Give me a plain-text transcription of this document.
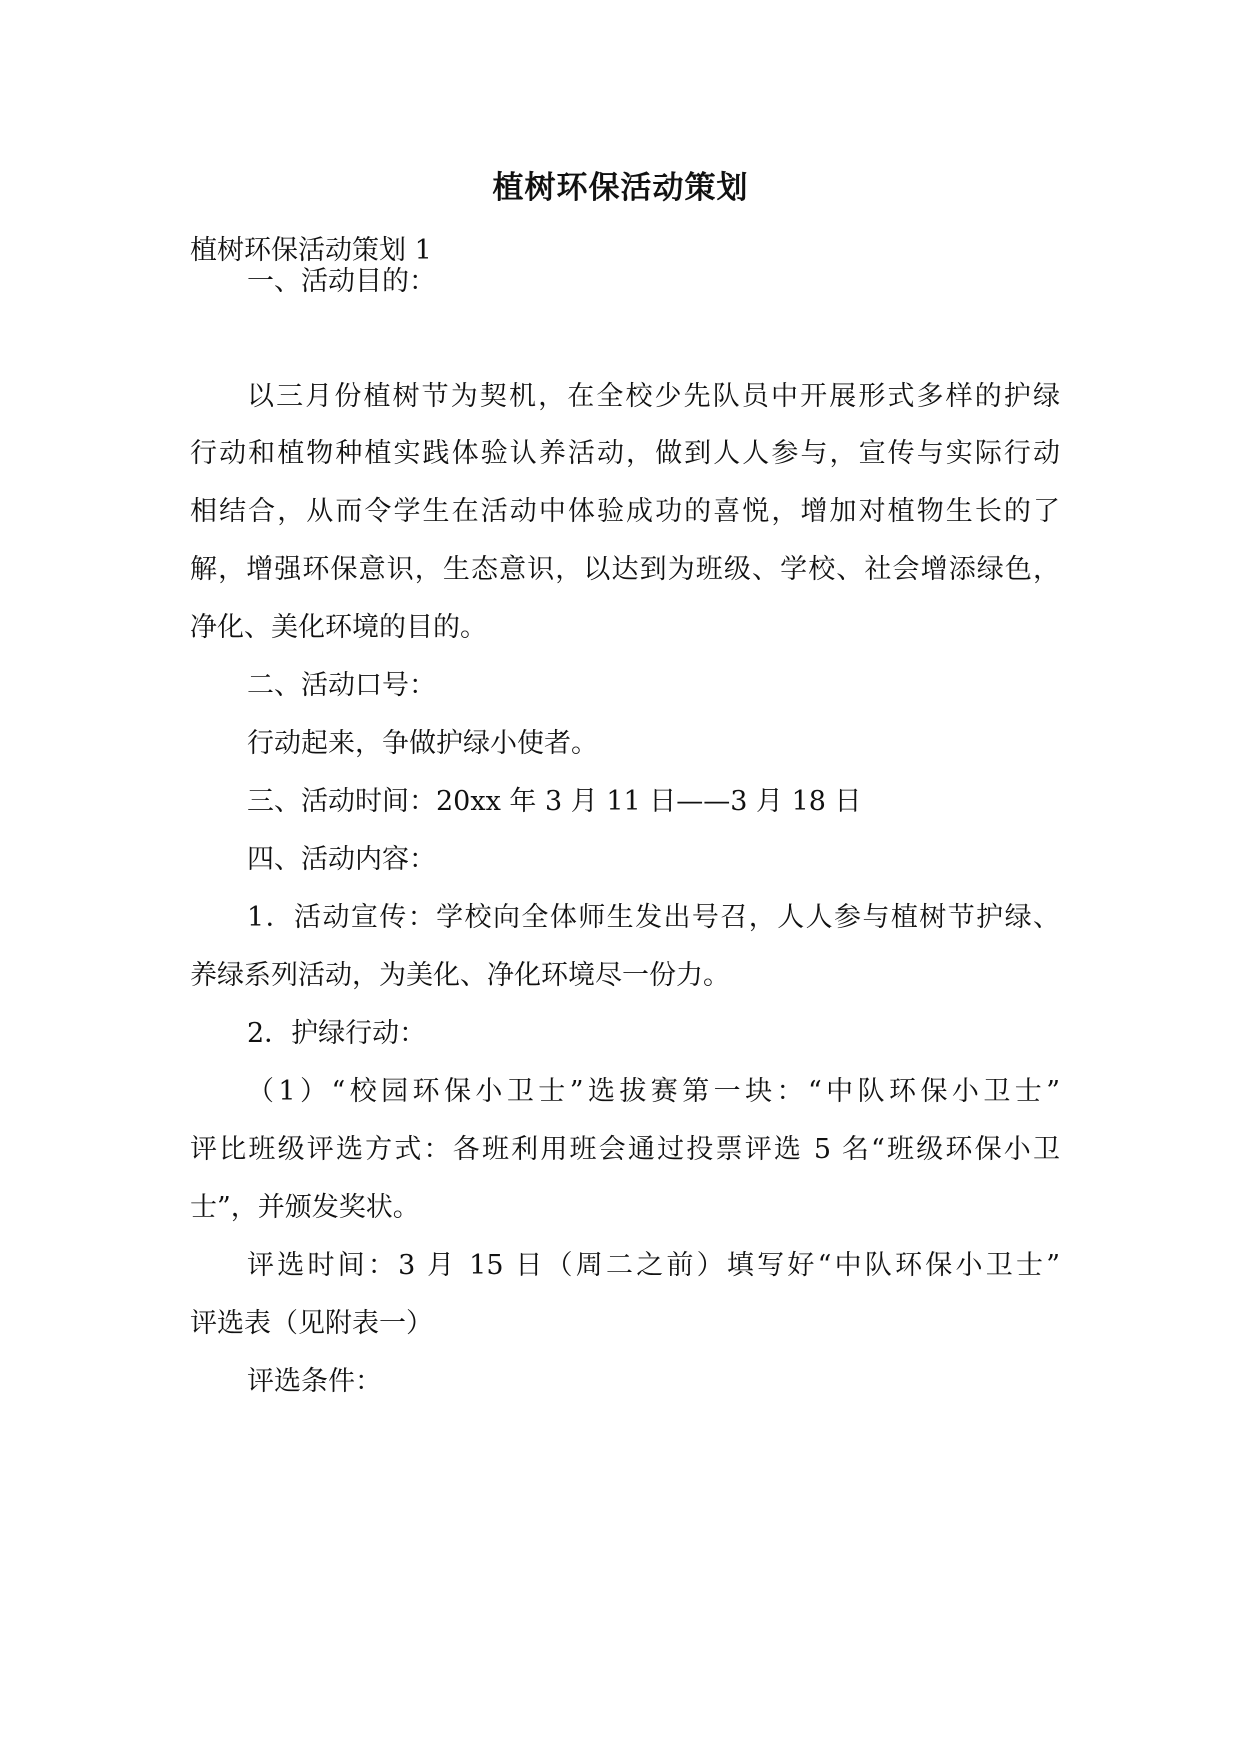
植树环保活动策划
植树环保活动策划 1
一、活动目的：
以三月份植树节为契机，在全校少先队员中开展形式多样的护绿
行动和植物种植实践体验认养活动，做到人人参与，宣传与实际行动
相结合，从而令学生在活动中体验成功的喜悦，增加对植物生长的了
解，增强环保意识，生态意识，以达到为班级、学校、社会增添绿色，
净化、美化环境的目的。
二、活动口号：
行动起来，争做护绿小使者。
三、活动时间：20xx 年 3 月 11 日——3 月 18 日
四、活动内容：
1．活动宣传：学校向全体师生发出号召，人人参与植树节护绿、
养绿系列活动，为美化、净化环境尽一份力。
2．护绿行动：
（1）“校园环保小卫士”选拔赛第一块：“中队环保小卫士”
评比班级评选方式：各班利用班会通过投票评选 5 名“班级环保小卫
士”，并颁发奖状。
评选时间：3 月 15 日（周二之前）填写好“中队环保小卫士”
评选表（见附表一）
评选条件：
